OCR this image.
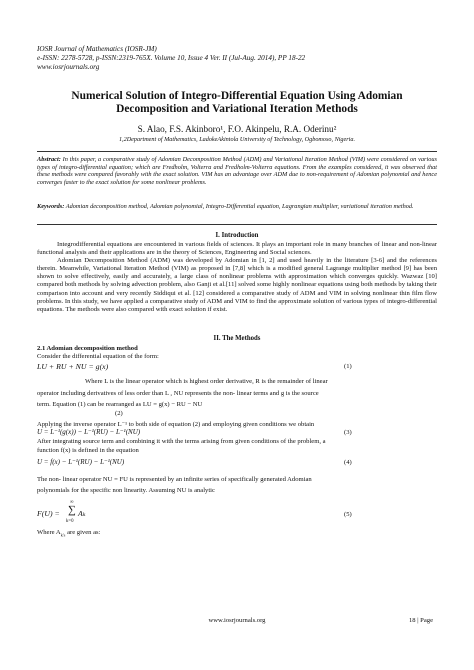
IOSR Journal of Mathematics (IOSR-JM)
e-ISSN: 2278-5728, p-ISSN:2319-765X. Volume 10, Issue 4 Ver. II (Jul-Aug. 2014), PP 18-22
www.iosrjournals.org
Numerical Solution of Integro-Differential Equation Using Adomian Decomposition and Variational Iteration Methods
S. Alao, F.S. Akinboro¹, F.O. Akinpelu, R.A. Oderinu²
1,2Department of Mathematics, LadokeAkintola University of Technology, Ogbomoso, Nigeria.
Abstract: In this paper, a comparative study of Adomian Decomposition Method (ADM) and Variational Iteration Method (VIM) were considered on various types of integro-differential equation; which are Fredholm, Volterra and Fredholm-Volterra equations. From the examples considered, it was observed that these methods were compared favorably with the exact solution. VIM has an advantage over ADM due to non-requirement of Adomian polynomial and hence converges faster to the exact solution for some nonlinear problems.
Keywords: Adomian decomposition method, Adomian polynomial, Integro-Differential equation, Lagrangian multiplier, variational iteration method.
I. Introduction

Integrodifferential equations are encountered in various fields of sciences. It plays an important role in many branches of linear and non-linear functional analysis and their applications are in the theory of Sciences, Engineering and Social sciences.

Adomian Decomposition Method (ADM) was developed by Adomian in [1, 2] and used heavily in the literature [3-6] and the references therein. Meanwhile, Variational Iteration Method (VIM) as proposed in [7,8] which is a modified general Lagrange multiplier method [9] has been shown to solve effectively, easily and accurately, a large class of nonlinear problems with approximation which converges quickly. Wazwaz [10] compared both methods by solving advection problem, also Ganji et al.[11] solved some highly nonlinear equations using both methods by taking their comparison into account and very recently Siddiqui et al. [12] considered a comparative study of ADM and VIM in solving nonlinear thin film flow problems. In this study, we have applied a comparative study of ADM and VIM to find the approximate solution of various types of integro-differential equations. The methods were also compared with exact solution if exist.

II. The Methods
2.1 Adomian decomposition method
Consider the differential equation of the form:
LU + RU + NU = g(x)	(1)
Where L is the linear operator which is highest order derivative, R is the remainder of linear
operator including derivatives of less order than L , NU represents the non- linear terms and g is the source
term. Equation (1) can be rearranged as LU = g(x) − RU − NU
(2)
Applying the inverse operator L⁻¹ to both side of equation (2) and employing given conditions we obtain
U = L⁻¹(g(x)) − L⁻¹(RU) − L⁻¹(NU)	(3)
After integrating source term and combining it with the terms arising from given conditions of the problem, a
function f(x) is defined in the equation
U = f(x) − L⁻¹(RU) − L⁻¹(NU)	(4)
The non- linear operator NU = FU is represented by an infinite series of specifically generated Adomian
polynomials for the specific non linearity. Assuming NU is analytic
F(U) =
∞
∑
k=0
Aₖ	(5)
Where $A_{k's}$ are given as:
www.iosrjournals.org	18 | Page
